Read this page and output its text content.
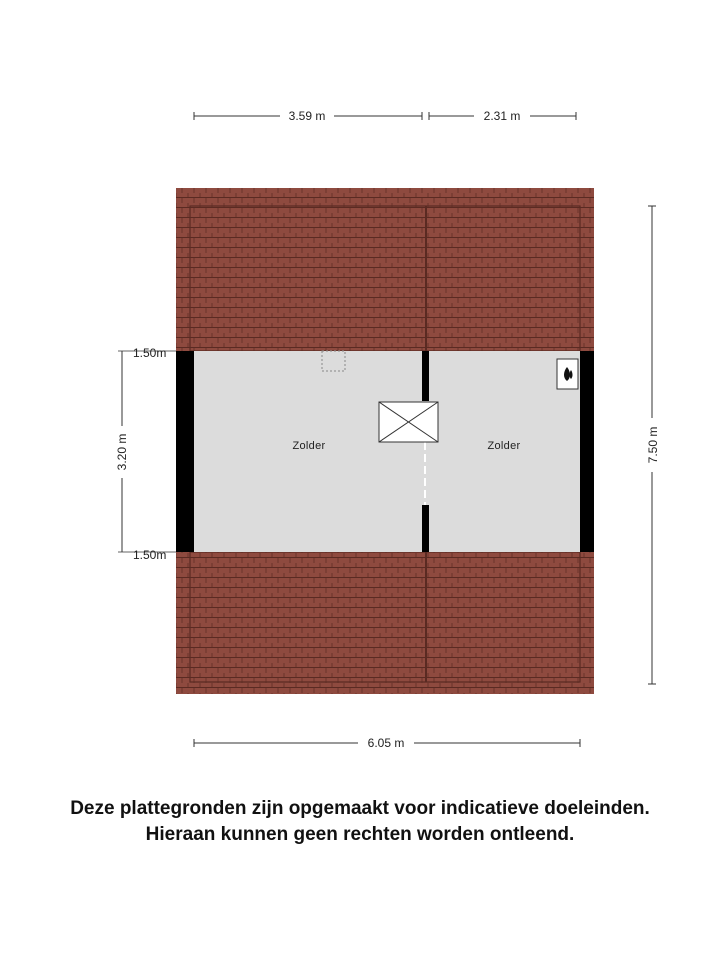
3.59 m	2.31 m
Zolder	Zolder
3.20 m
1.50m
1.50m
7.50 m
6.05 m
Deze plattegronden zijn opgemaakt voor indicatieve doeleinden.
Hieraan kunnen geen rechten worden ontleend.
